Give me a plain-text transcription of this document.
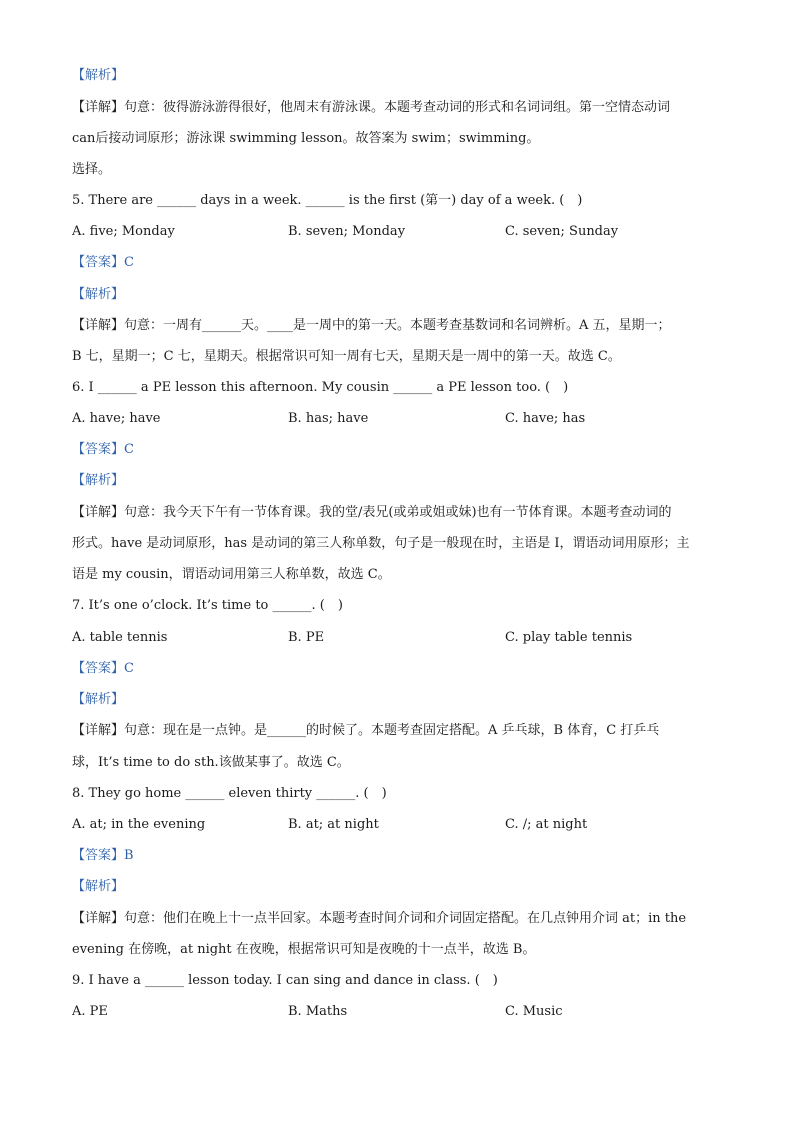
【解析】
【详解】句意：彼得游泳游得很好，他周末有游泳课。本题考查动词的形式和名词词组。第一空情态动词
can后接动词原形；游泳课 swimming lesson。故答案为 swim；swimming。
选择。
5. There are ______ days in a week. ______ is the first (第一) day of a week. (　)
A. five; Monday	B. seven; Monday	C. seven; Sunday
【答案】C
【解析】
【详解】句意：一周有______天。____是一周中的第一天。本题考查基数词和名词辨析。A 五，星期一；
B 七，星期一；C 七，星期天。根据常识可知一周有七天，星期天是一周中的第一天。故选 C。
6. I ______ a PE lesson this afternoon. My cousin ______ a PE lesson too. (　)
A. have; have	B. has; have	C. have; has
【答案】C
【解析】
【详解】句意：我今天下午有一节体育课。我的堂/表兄(或弟或姐或妹)也有一节体育课。本题考查动词的
形式。have 是动词原形，has 是动词的第三人称单数，句子是一般现在时，主语是 I，谓语动词用原形；主
语是 my cousin，谓语动词用第三人称单数，故选 C。
7. It’s one o’clock. It’s time to ______. (　)
A. table tennis	B. PE	C. play table tennis
【答案】C
【解析】
【详解】句意：现在是一点钟。是______的时候了。本题考查固定搭配。A 乒乓球，B 体育，C 打乒乓
球，It’s time to do sth.该做某事了。故选 C。
8. They go home ______ eleven thirty ______. (　)
A. at; in the evening	B. at; at night	C. /; at night
【答案】B
【解析】
【详解】句意：他们在晚上十一点半回家。本题考查时间介词和介词固定搭配。在几点钟用介词 at；in the
evening 在傍晚，at night 在夜晚，根据常识可知是夜晚的十一点半，故选 B。
9. I have a ______ lesson today. I can sing and dance in class. (　)
A. PE	B. Maths	C. Music
